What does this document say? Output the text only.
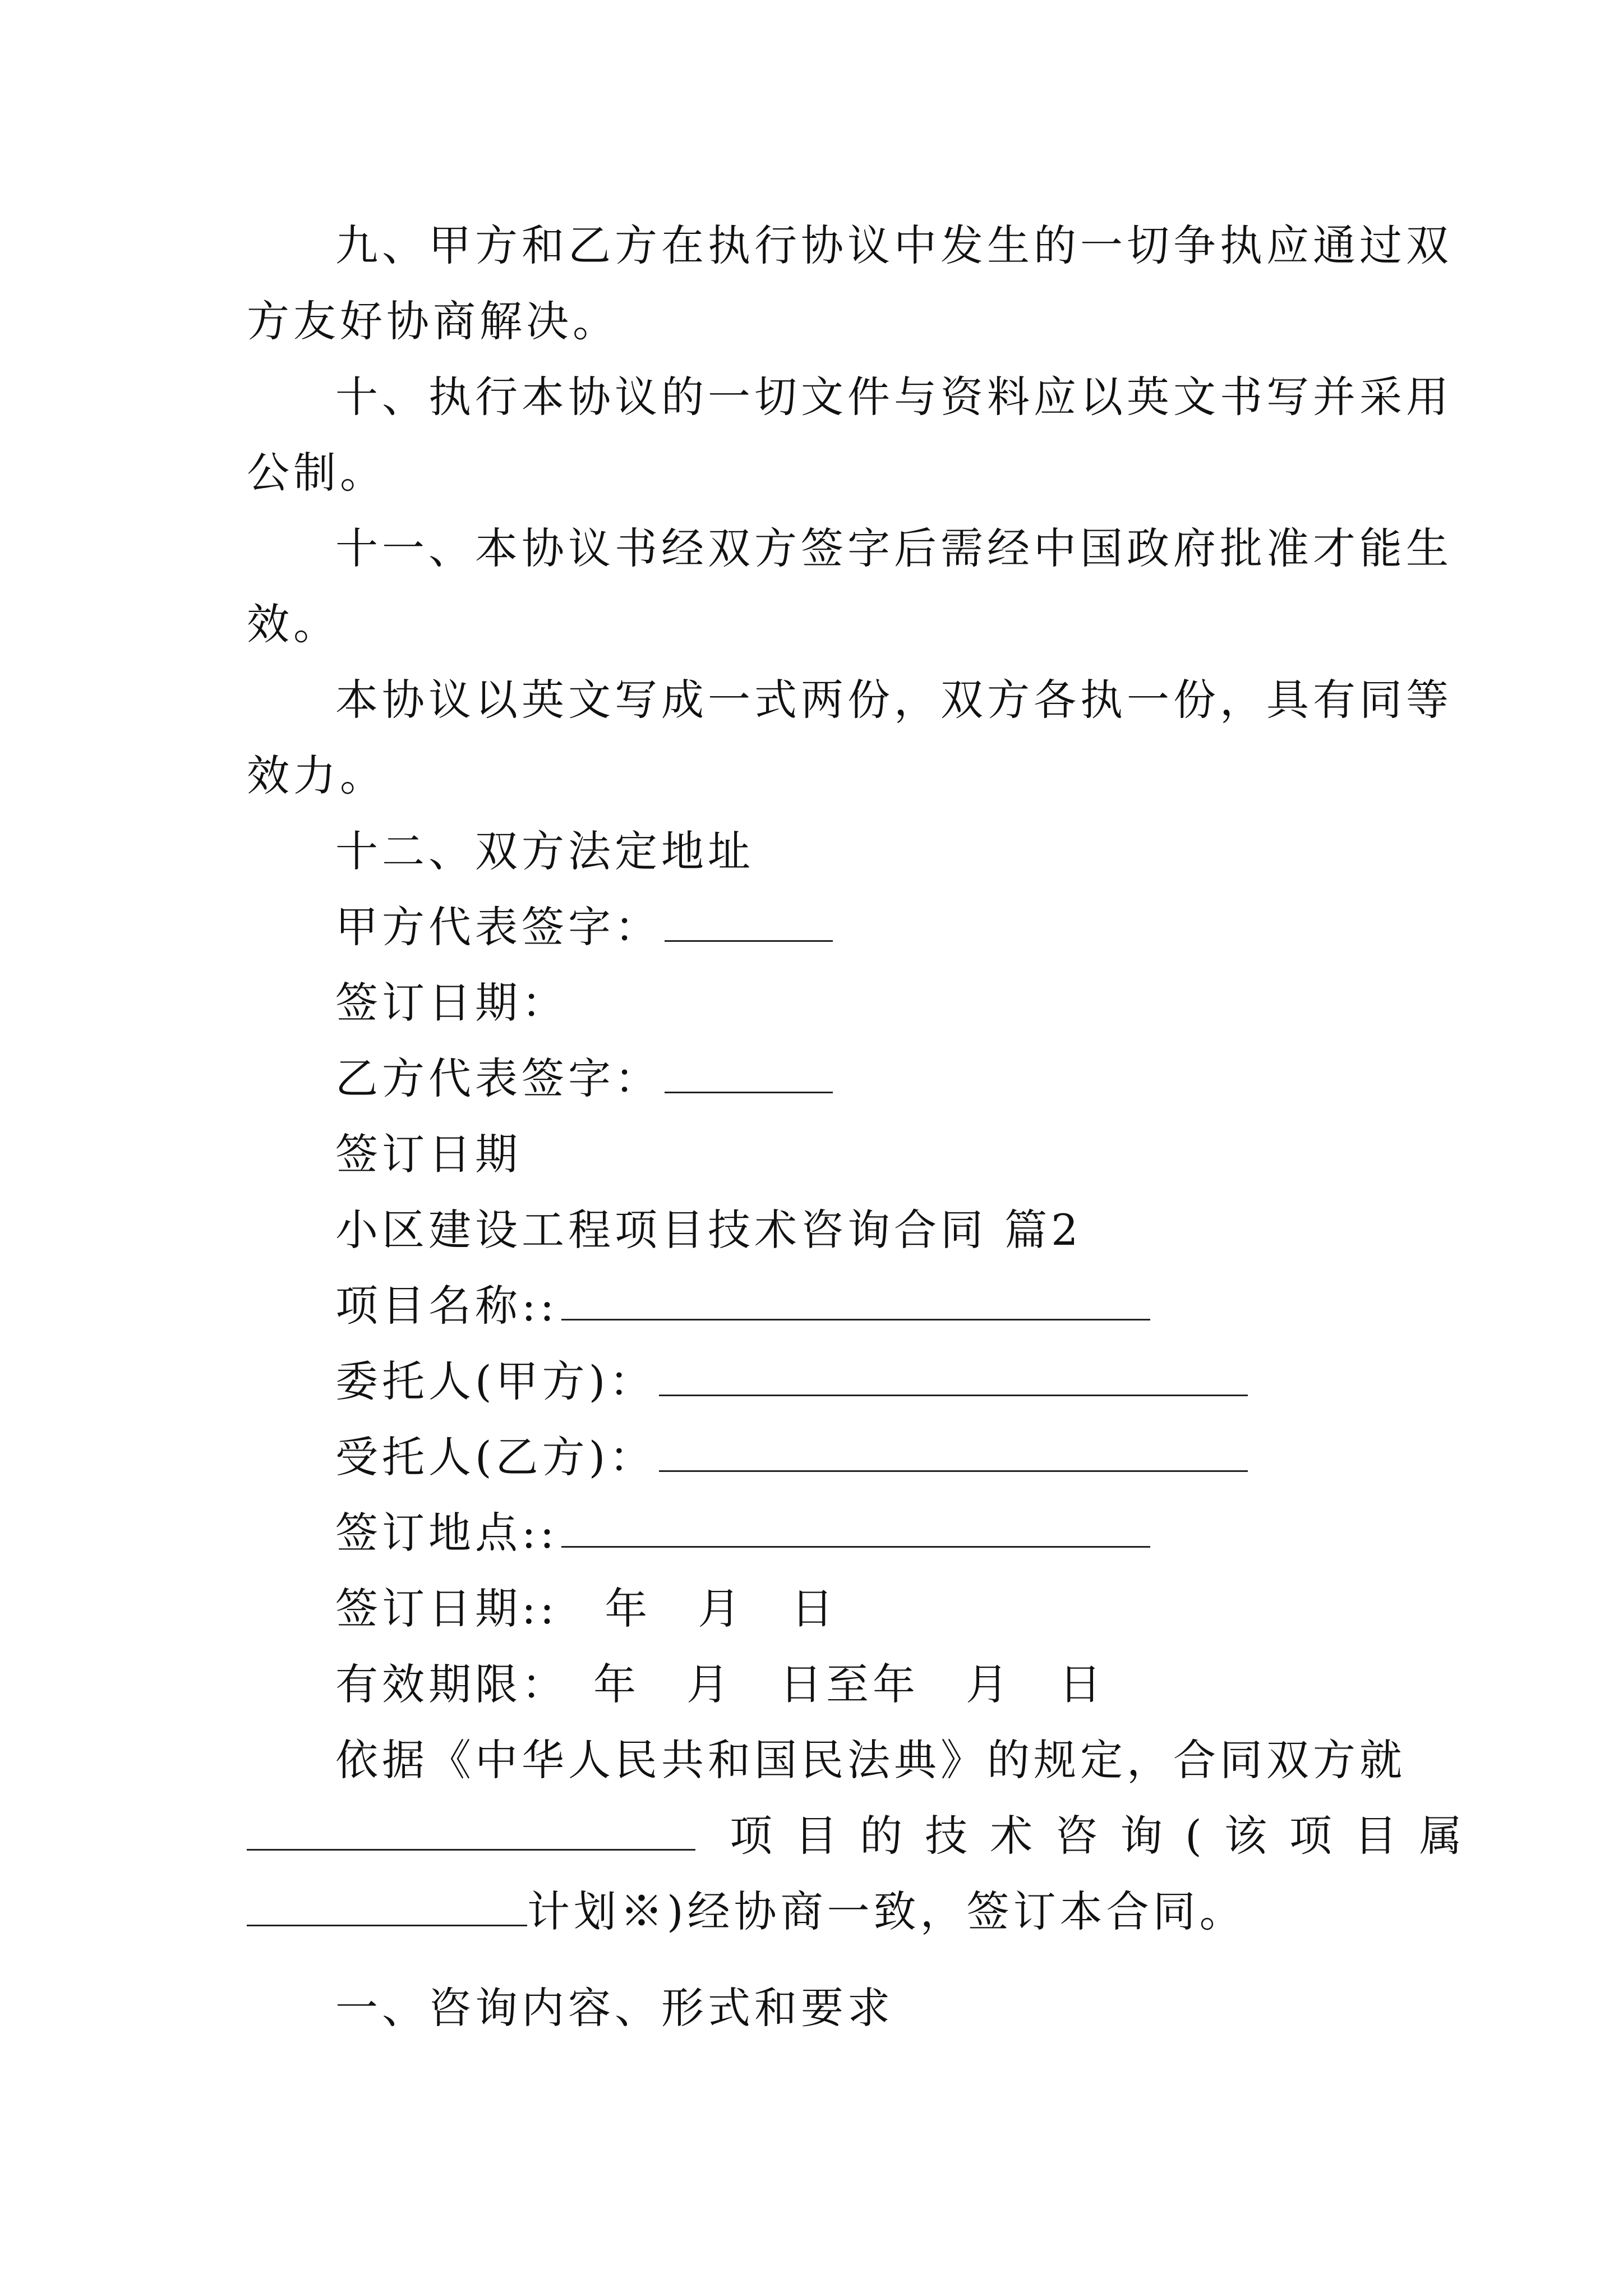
九、甲方和乙方在执行协议中发生的一切争执应通过双
方友好协商解决。
十、执行本协议的一切文件与资料应以英文书写并采用
公制。
十一、本协议书经双方签字后需经中国政府批准才能生
效。
本协议以英文写成一式两份，双方各执一份，具有同等
效力。
十二、双方法定地址
甲方代表签字：
签订日期：
乙方代表签字：
签订日期
小区建设工程项目技术咨询合同 篇2
项目名称::
委托人(甲方)：
受托人(乙方)：
签订地点::
签订日期::　年　月　日
有效期限：　年　月　日至年　月　日
依据《中华人民共和国民法典》的规定，合同双方就
项目的技术咨询(该项目属
计划※)经协商一致，签订本合同。
一、咨询内容、形式和要求
